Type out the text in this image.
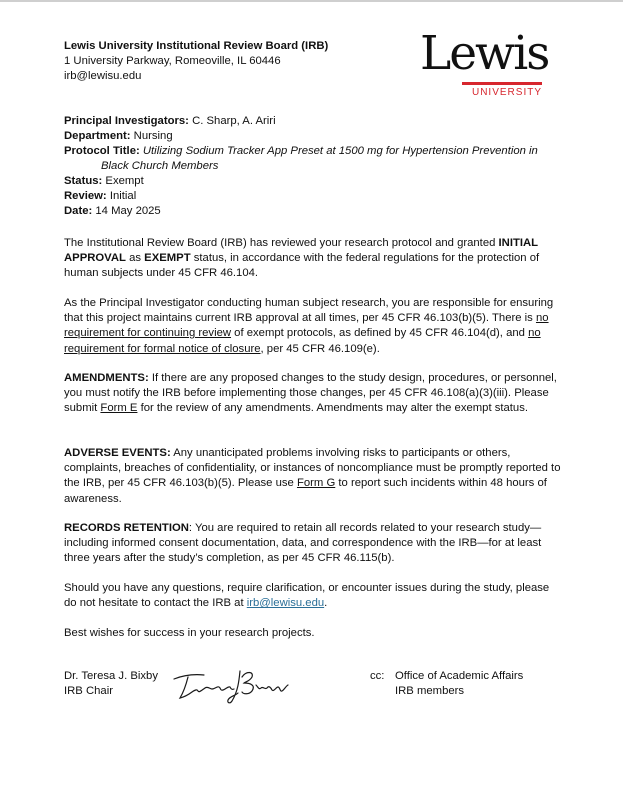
Lewis University Institutional Review Board (IRB)
1 University Parkway, Romeoville, IL 60446
irb@lewisu.edu	Lewis
UNIVERSITY
Principal Investigators: C. Sharp, A. Ariri
Department: Nursing
Protocol Title: Utilizing Sodium Tracker App Preset at 1500 mg for Hypertension Prevention in Black Church Members
Status: Exempt
Review: Initial
Date: 14 May 2025

The Institutional Review Board (IRB) has reviewed your research protocol and granted INITIAL APPROVAL as EXEMPT status, in accordance with the federal regulations for the protection of human subjects under 45 CFR 46.104.

As the Principal Investigator conducting human subject research, you are responsible for ensuring that this project maintains current IRB approval at all times, per 45 CFR 46.103(b)(5). There is no requirement for continuing review of exempt protocols, as defined by 45 CFR 46.104(d), and no requirement for formal notice of closure, per 45 CFR 46.109(e).

AMENDMENTS: If there are any proposed changes to the study design, procedures, or personnel, you must notify the IRB before implementing those changes, per 45 CFR 46.108(a)(3)(iii). Please submit Form E for the review of any amendments. Amendments may alter the exempt status.

ADVERSE EVENTS: Any unanticipated problems involving risks to participants or others, complaints, breaches of confidentiality, or instances of noncompliance must be promptly reported to the IRB, per 45 CFR 46.103(b)(5). Please use Form G to report such incidents within 48 hours of awareness.

RECORDS RETENTION: You are required to retain all records related to your research study—including informed consent documentation, data, and correspondence with the IRB—for at least three years after the study’s completion, as per 45 CFR 46.115(b).

Should you have any questions, require clarification, or encounter issues during the study, please do not hesitate to contact the IRB at irb@lewisu.edu.

Best wishes for success in your research projects.

Dr. Teresa J. Bixby
IRB Chair
cc: Office of Academic Affairs
IRB members
